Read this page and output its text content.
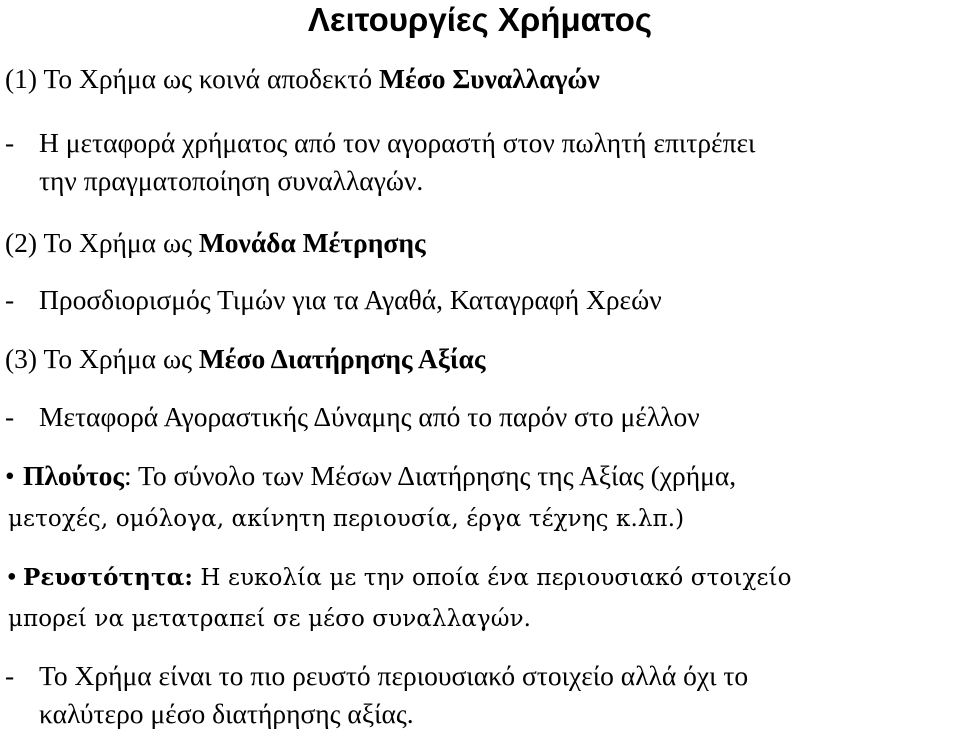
Λειτουργίες Χρήματος
(1) Το Χρήμα ως κοινά αποδεκτό Μέσο Συναλλαγών
- Η μεταφορά χρήματος από τον αγοραστή στον πωλητή επιτρέπει
την πραγματοποίηση συναλλαγών.
(2) Το Χρήμα ως Μονάδα Μέτρησης
- Προσδιορισμός Τιμών για τα Αγαθά, Καταγραφή Χρεών
(3) Το Χρήμα ως Μέσο Διατήρησης Αξίας
- Μεταφορά Αγοραστικής Δύναμης από το παρόν στο μέλλον
• Πλούτος: Το σύνολο των Μέσων Διατήρησης της Αξίας (χρήμα,
μετοχές, ομόλογα, ακίνητη περιουσία, έργα τέχνης κ.λπ.)
• Ρευστότητα: Η ευκολία με την οποία ένα περιουσιακό στοιχείο
μπορεί να μετατραπεί σε μέσο συναλλαγών.
- Το Χρήμα είναι το πιο ρευστό περιουσιακό στοιχείο αλλά όχι το
καλύτερο μέσο διατήρησης αξίας.
